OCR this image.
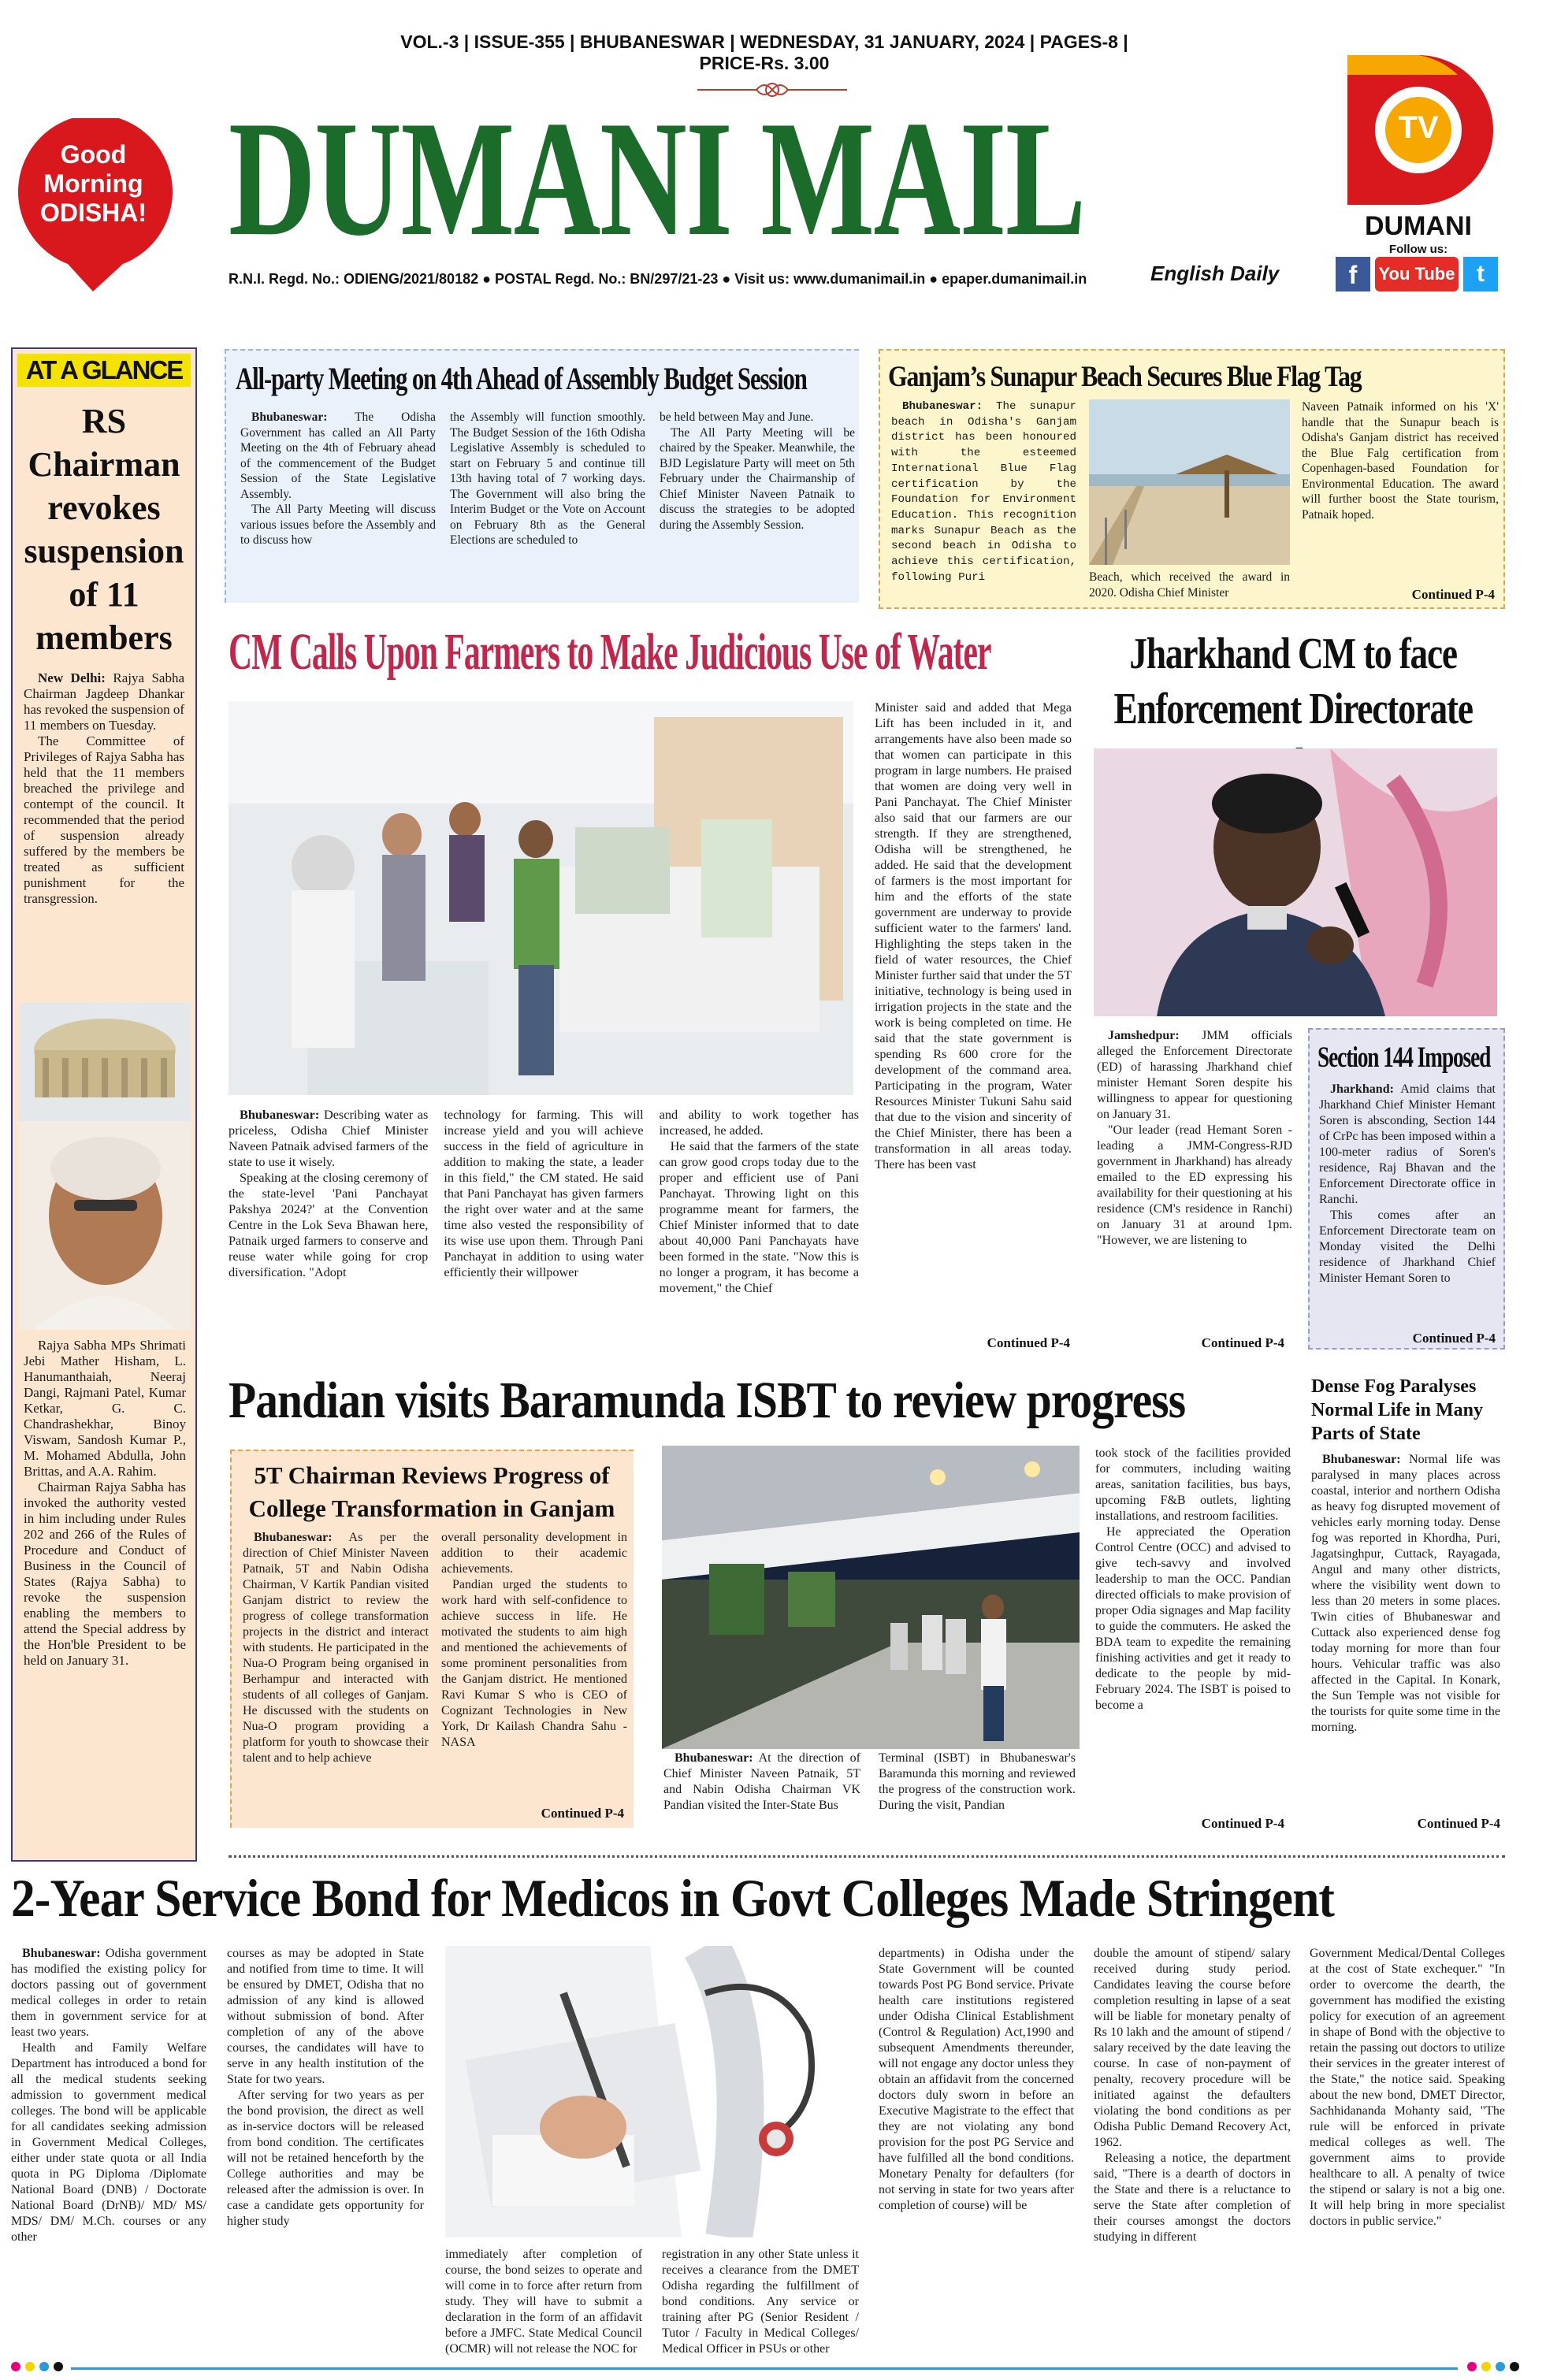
VOL.-3 | ISSUE-355 | BHUBANESWAR | WEDNESDAY, 31 JANUARY, 2024 | PAGES-8 | PRICE-Rs. 3.00
DUMANI MAIL
R.N.I. Regd. No.: ODIENG/2021/80182 ● POSTAL Regd. No.: BN/297/21-23 ● Visit us: www.dumanimail.in ● epaper.dumanimail.in	English Daily
Good
Morning
ODISHA!
TV
DUMANI
Follow us:
f	You Tube t
AT A GLANCE
RS Chairman revokes suspension of 11 members

New Delhi: Rajya Sabha Chairman Jagdeep Dhankar has revoked the suspension of 11 members on Tuesday.

The Committee of Privileges of Rajya Sabha has held that the 11 members breached the privilege and contempt of the council. It recommended that the period of suspension already suffered by the members be treated as sufficient punishment for the transgression.

Rajya Sabha MPs Shrimati Jebi Mather Hisham, L. Hanumanthaiah, Neeraj Dangi, Rajmani Patel, Kumar Ketkar, G. C. Chandrashekhar, Binoy Viswam, Sandosh Kumar P., M. Mohamed Abdulla, John Brittas, and A.A. Rahim.

Chairman Rajya Sabha has invoked the authority vested in him including under Rules 202 and 266 of the Rules of Procedure and Conduct of Business in the Council of States (Rajya Sabha) to revoke the suspension enabling the members to attend the Special address by the Hon'ble President to be held on January 31.

All-party Meeting on 4th Ahead of Assembly Budget Session

Bhubaneswar: The Odisha Government has called an All Party Meeting on the 4th of February ahead of the commencement of the Budget Session of the State Legislative Assembly.

The All Party Meeting will discuss various issues before the Assembly and to discuss how

the Assembly will function smoothly. The Budget Session of the 16th Odisha Legislative Assembly is scheduled to start on February 5 and continue till 13th having total of 7 working days. The Government will also bring the Interim Budget or the Vote on Account on February 8th as the General Elections are scheduled to

be held between May and June.

The All Party Meeting will be chaired by the Speaker. Meanwhile, the BJD Legislature Party will meet on 5th February under the Chairmanship of Chief Minister Naveen Patnaik to discuss the strategies to be adopted during the Assembly Session.

Ganjam’s Sunapur Beach Secures Blue Flag Tag

Bhubaneswar: The sunapur beach in Odisha's Ganjam district has been honoured with the esteemed International Blue Flag certification by the Foundation for Environment Education. This recognition marks Sunapur Beach as the second beach in Odisha to achieve this certification, following Puri	Beach, which received the award in 2020. Odisha Chief Minister

Naveen Patnaik informed on his 'X' handle that the Sunapur beach is Odisha's Ganjam district has received the Blue Falg certification from Copenhagen-based Foundation for Environmental Education. The award will further boost the State tourism, Patnaik hoped.

Continued P-4
CM Calls Upon Farmers to Make Judicious Use of Water

Bhubaneswar: Describing water as priceless, Odisha Chief Minister Naveen Patnaik advised farmers of the state to use it wisely.

Speaking at the closing ceremony of the state-level 'Pani Panchayat Pakshya 2024?' at the Convention Centre in the Lok Seva Bhawan here, Patnaik urged farmers to conserve and reuse water while going for crop diversification. "Adopt

technology for farming. This will increase yield and you will achieve success in the field of agriculture in addition to making the state, a leader in this field," the CM stated. He said that Pani Panchayat has given farmers the right over water and at the same time also vested the responsibility of its wise use upon them. Through Pani Panchayat in addition to using water efficiently their willpower

and ability to work together has increased, he added.

He said that the farmers of the state can grow good crops today due to the proper and efficient use of Pani Panchayat. Throwing light on this programme meant for farmers, the Chief Minister informed that to date about 40,000 Pani Panchayats have been formed in the state. "Now this is no longer a program, it has become a movement," the Chief

Minister said and added that Mega Lift has been included in it, and arrangements have also been made so that women can participate in this program in large numbers. He praised that women are doing very well in Pani Panchayat. The Chief Minister also said that our farmers are our strength. If they are strengthened, Odisha will be strengthened, he added. He said that the development of farmers is the most important for him and the efforts of the state government are underway to provide sufficient water to the farmers' land. Highlighting the steps taken in the field of water resources, the Chief Minister further said that under the 5T initiative, technology is being used in irrigation projects in the state and the work is being completed on time. He said that the state government is spending Rs 600 crore for the development of the command area. Participating in the program, Water Resources Minister Tukuni Sahu said that due to the vision and sincerity of the Chief Minister, there has been a transformation in all areas today. There has been vast

Continued P-4
Jharkhand CM to face Enforcement Directorate

Jamshedpur: JMM officials alleged the Enforcement Directorate (ED) of harassing Jharkhand chief minister Hemant Soren despite his willingness to appear for questioning on January 31.

"Our leader (read Hemant Soren - leading a JMM-Congress-RJD government in Jharkhand) has already emailed to the ED expressing his availability for their questioning at his residence (CM's residence in Ranchi) on January 31 at around 1pm. "However, we are listening to

Continued P-4
Section 144 Imposed

Jharkhand: Amid claims that Jharkhand Chief Minister Hemant Soren is absconding, Section 144 of CrPc has been imposed within a 100-meter radius of Soren's residence, Raj Bhavan and the Enforcement Directorate office in Ranchi.

This comes after an Enforcement Directorate team on Monday visited the Delhi residence of Jharkhand Chief Minister Hemant Soren to

Continued P-4
Pandian visits Baramunda ISBT to review progress
5T Chairman Reviews Progress of College Transformation in Ganjam

Bhubaneswar: As per the direction of Chief Minister Naveen Patnaik, 5T and Nabin Odisha Chairman, V Kartik Pandian visited Ganjam district to review the progress of college transformation projects in the district and interact with students. He participated in the Nua-O Program being organised in Berhampur and interacted with students of all colleges of Ganjam. He discussed with the students on Nua-O program providing a platform for youth to showcase their talent and to help achieve

overall personality development in addition to their academic achievements.

Pandian urged the students to work hard with self-confidence to achieve success in life. He motivated the students to aim high and mentioned the achievements of some prominent personalities from the Ganjam district. He mentioned Ravi Kumar S who is CEO of Cognizant Technologies in New York, Dr Kailash Chandra Sahu - NASA

Continued P-4

Bhubaneswar: At the direction of Chief Minister Naveen Patnaik, 5T and Nabin Odisha Chairman VK Pandian visited the Inter-State Bus

Terminal (ISBT) in Bhubaneswar's Baramunda this morning and reviewed the progress of the construction work. During the visit, Pandian

took stock of the facilities provided for commuters, including waiting areas, sanitation facilities, bus bays, upcoming F&B outlets, lighting installations, and restroom facilities.

He appreciated the Operation Control Centre (OCC) and advised to give tech-savvy and involved leadership to man the OCC. Pandian directed officials to make provision of proper Odia signages and Map facility to guide the commuters. He asked the BDA team to expedite the remaining finishing activities and get it ready to dedicate to the people by mid-February 2024. The ISBT is poised to become a

Continued P-4
Dense Fog Paralyses Normal Life in Many Parts of State

Bhubaneswar: Normal life was paralysed in many places across coastal, interior and northern Odisha as heavy fog disrupted movement of vehicles early morning today. Dense fog was reported in Khordha, Puri, Jagatsinghpur, Cuttack, Rayagada, Angul and many other districts, where the visibility went down to less than 20 meters in some places. Twin cities of Bhubaneswar and Cuttack also experienced dense fog today morning for more than four hours. Vehicular traffic was also affected in the Capital. In Konark, the Sun Temple was not visible for the tourists for quite some time in the morning.

Continued P-4
2-Year Service Bond for Medicos in Govt Colleges Made Stringent

Bhubaneswar: Odisha government has modified the existing policy for doctors passing out of government medical colleges in order to retain them in government service for at least two years.

Health and Family Welfare Department has introduced a bond for all the medical students seeking admission to government medical colleges. The bond will be applicable for all candidates seeking admission in Government Medical Colleges, either under state quota or all India quota in PG Diploma /Diplomate National Board (DNB) / Doctorate National Board (DrNB)/ MD/ MS/ MDS/ DM/ M.Ch. courses or any other

courses as may be adopted in State and notified from time to time. It will be ensured by DMET, Odisha that no admission of any kind is allowed without submission of bond. After completion of any of the above courses, the candidates will have to serve in any health institution of the State for two years.

After serving for two years as per the bond provision, the direct as well as in-service doctors will be released from bond condition. The certificates will not be retained henceforth by the College authorities and may be released after the admission is over. In case a candidate gets opportunity for higher study

immediately after completion of course, the bond seizes to operate and will come in to force after return from study. They will have to submit a declaration in the form of an affidavit before a JMFC. State Medical Council (OCMR) will not release the NOC for

registration in any other State unless it receives a clearance from the DMET Odisha regarding the fulfillment of bond conditions. Any service or training after PG (Senior Resident / Tutor / Faculty in Medical Colleges/ Medical Officer in PSUs or other

departments) in Odisha under the State Government will be counted towards Post PG Bond service. Private health care institutions registered under Odisha Clinical Establishment (Control & Regulation) Act,1990 and subsequent Amendments thereunder, will not engage any doctor unless they obtain an affidavit from the concerned doctors duly sworn in before an Executive Magistrate to the effect that they are not violating any bond provision for the post PG Service and have fulfilled all the bond conditions. Monetary Penalty for defaulters (for not serving in state for two years after completion of course) will be

double the amount of stipend/ salary received during study period. Candidates leaving the course before completion resulting in lapse of a seat will be liable for monetary penalty of Rs 10 lakh and the amount of stipend / salary received by the date leaving the course. In case of non-payment of penalty, recovery procedure will be initiated against the defaulters violating the bond conditions as per Odisha Public Demand Recovery Act, 1962.

Releasing a notice, the department said, "There is a dearth of doctors in the State and there is a reluctance to serve the State after completion of their courses amongst the doctors studying in different

Government Medical/Dental Colleges at the cost of State exchequer." "In order to overcome the dearth, the government has modified the existing policy for execution of an agreement in shape of Bond with the objective to retain the passing out doctors to utilize their services in the greater interest of the State," the notice said. Speaking about the new bond, DMET Director, Sachhidananda Mohanty said, "The rule will be enforced in private medical colleges as well. The government aims to provide healthcare to all. A penalty of twice the stipend or salary is not a big one. It will help bring in more specialist doctors in public service."
